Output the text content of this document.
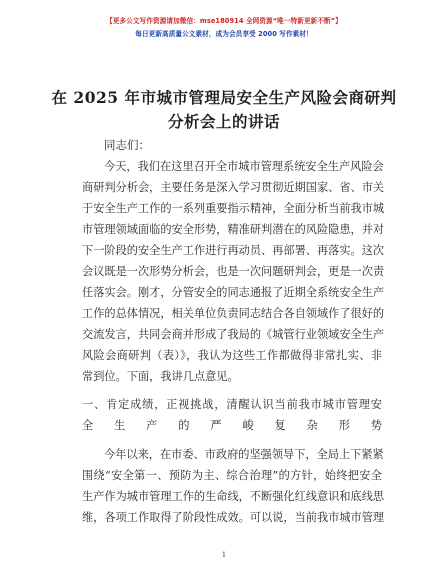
【更多公文写作资源请加微信：mse180914 全网资源“唯一特新更新不断”】
每日更新高质量公文素材，成为会员享受 2000 写作素材！
在 2025 年市城市管理局安全生产风险会商研判
分析会上的讲话
同志们：
今天，我们在这里召开全市城市管理系统安全生产风险会
商研判分析会，主要任务是深入学习贯彻近期国家、省、市关
于安全生产工作的一系列重要指示精神，全面分析当前我市城
市管理领域面临的安全形势，精准研判潜在的风险隐患，并对
下一阶段的安全生产工作进行再动员、再部署、再落实。这次
会议既是一次形势分析会，也是一次问题研判会，更是一次责
任落实会。刚才，分管安全的同志通报了近期全系统安全生产
工作的总体情况，相关单位负责同志结合各自领域作了很好的
交流发言，共同会商并形成了我局的《城管行业领域安全生产
风险会商研判（表）》，我认为这些工作都做得非常扎实、非
常到位。下面，我讲几点意见。
一、肯定成绩，正视挑战，清醒认识当前我市城市管理安
全生产的严峻复杂形势
今年以来，在市委、市政府的坚强领导下，全局上下紧紧
围绕“安全第一、预防为主、综合治理”的方针，始终把安全
生产作为城市管理工作的生命线，不断强化红线意识和底线思
维，各项工作取得了阶段性成效。可以说，当前我市城市管理
1
